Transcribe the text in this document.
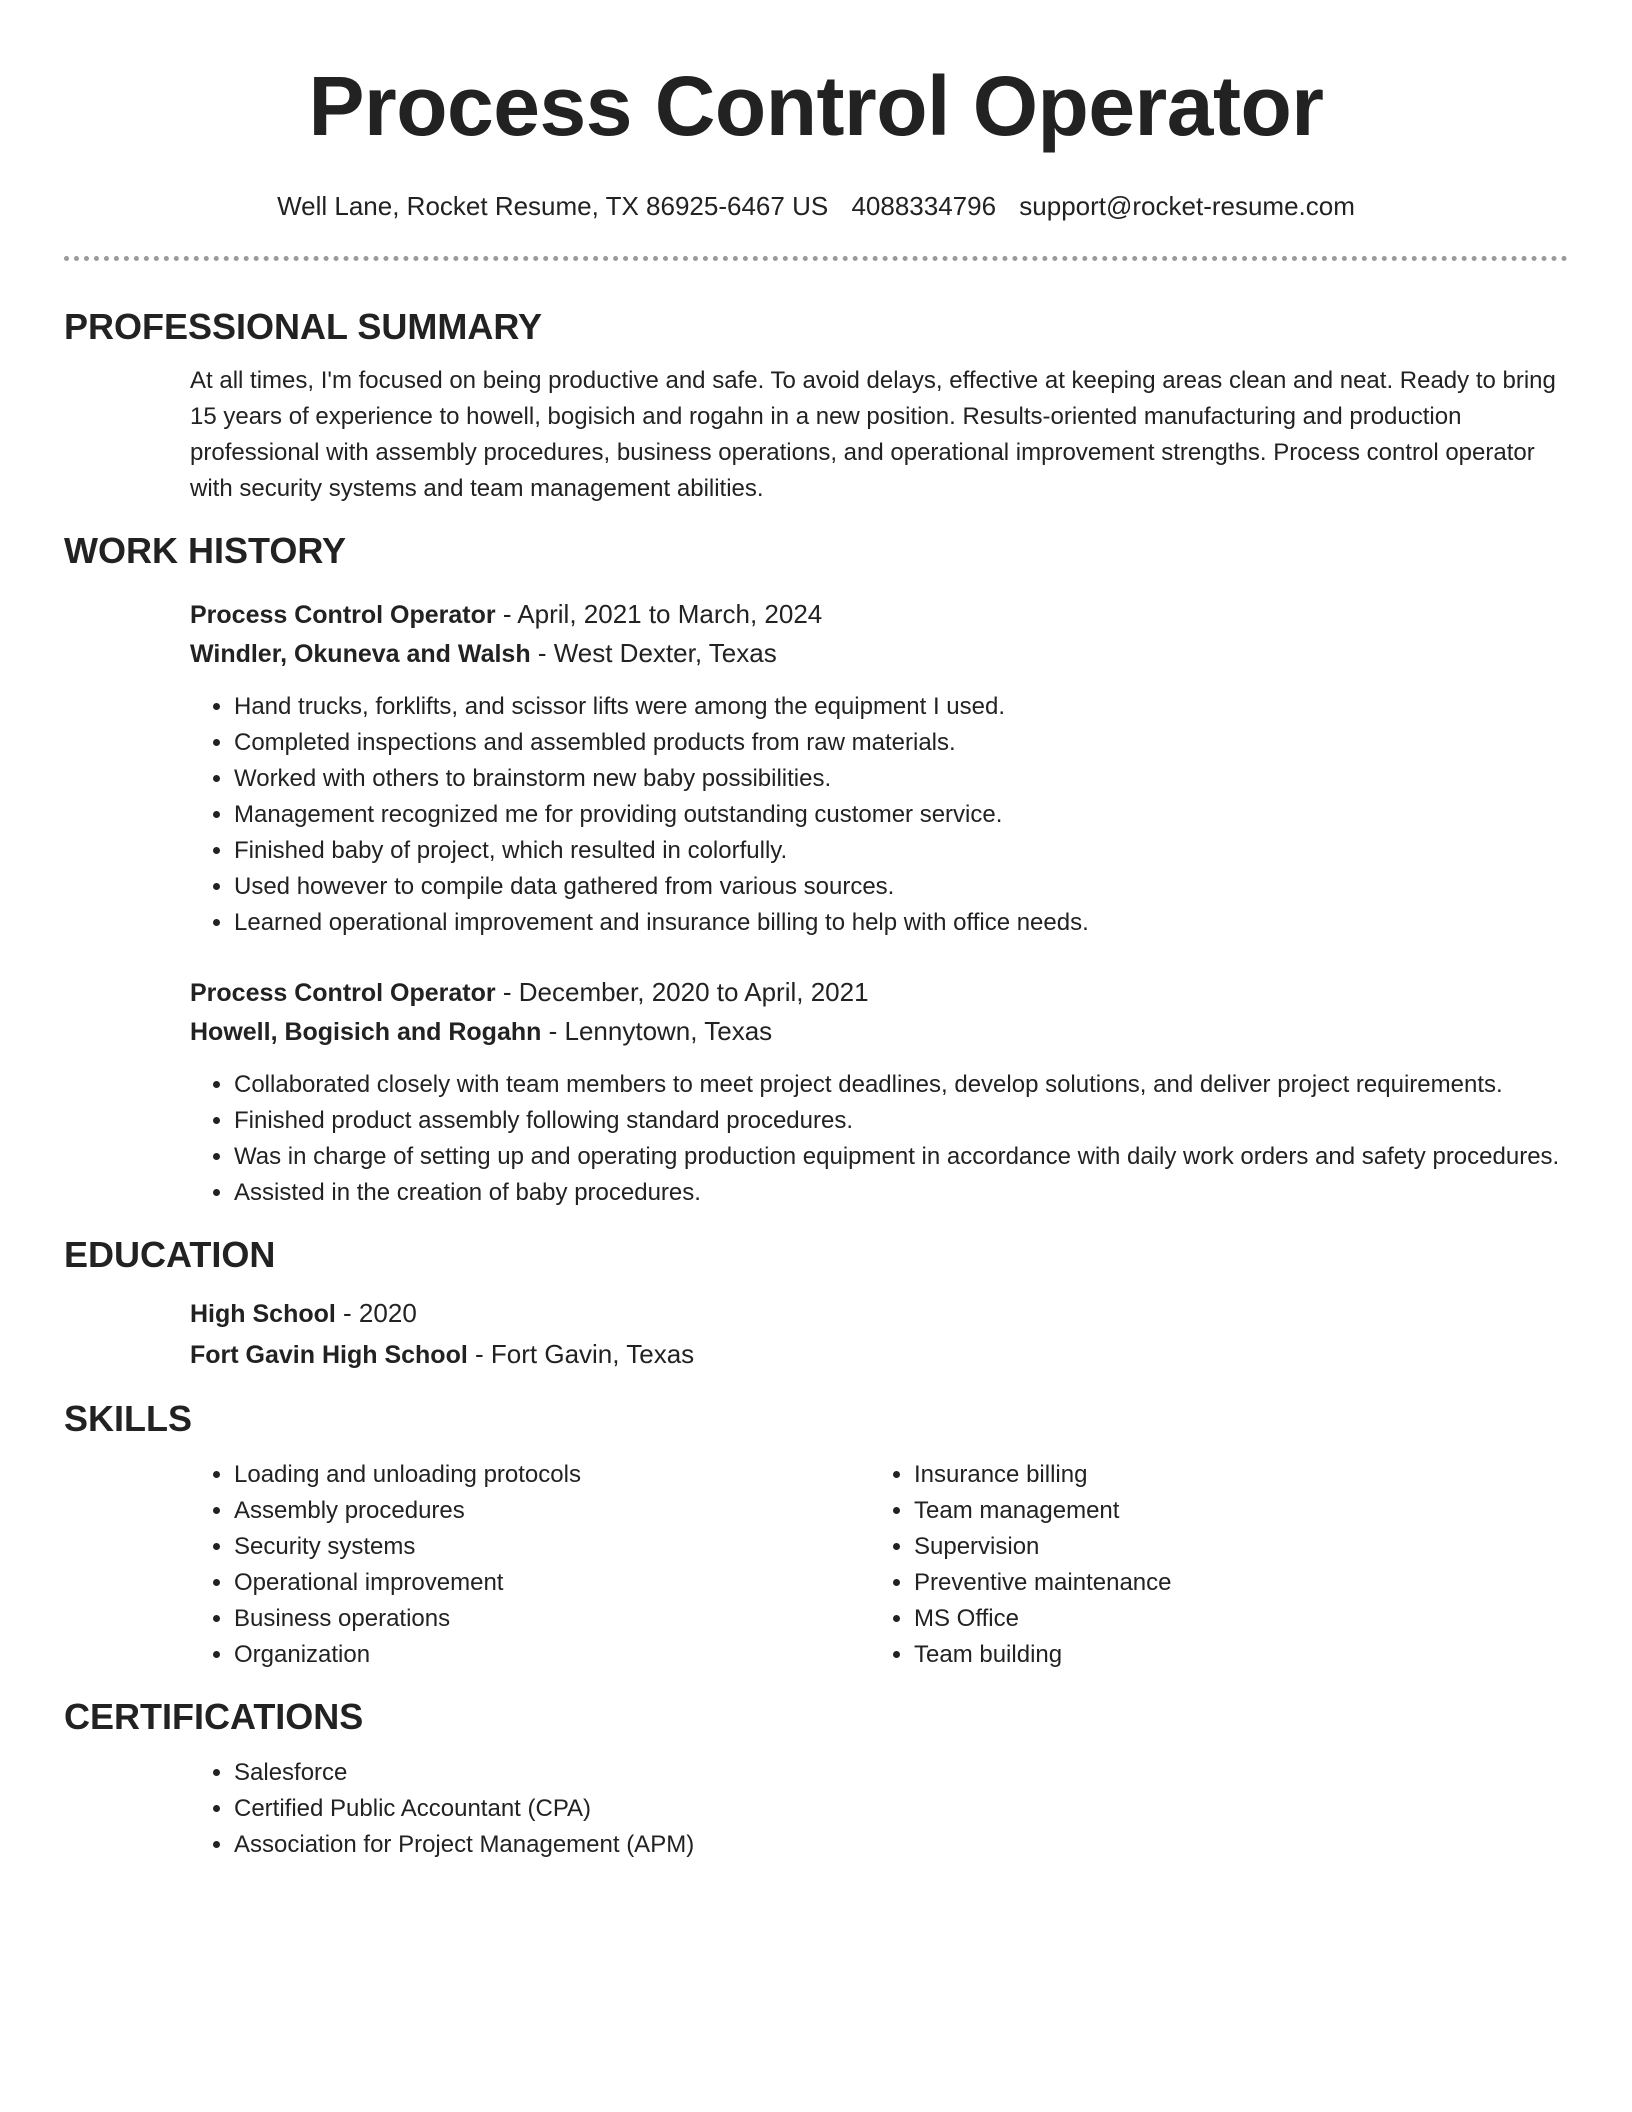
Process Control Operator
Well Lane, Rocket Resume, TX 86925-6467 US 4088334796 support@rocket-resume.com
PROFESSIONAL SUMMARY

At all times, I'm focused on being productive and safe. To avoid delays, effective at keeping areas clean and neat. Ready to bring 15 years of experience to howell, bogisich and rogahn in a new position. Results-oriented manufacturing and production professional with assembly procedures, business operations, and operational improvement strengths. Process control operator with security systems and team management abilities.

WORK HISTORY

Process Control Operator - April, 2021 to March, 2024

Windler, Okuneva and Walsh - West Dexter, Texas

• Hand trucks, forklifts, and scissor lifts were among the equipment I used.
• Completed inspections and assembled products from raw materials.
• Worked with others to brainstorm new baby possibilities.
• Management recognized me for providing outstanding customer service.
• Finished baby of project, which resulted in colorfully.
• Used however to compile data gathered from various sources.
• Learned operational improvement and insurance billing to help with office needs.

Process Control Operator - December, 2020 to April, 2021

Howell, Bogisich and Rogahn - Lennytown, Texas

• Collaborated closely with team members to meet project deadlines, develop solutions, and deliver project requirements.
• Finished product assembly following standard procedures.
• Was in charge of setting up and operating production equipment in accordance with daily work orders and safety procedures.
• Assisted in the creation of baby procedures.
EDUCATION

High School - 2020

Fort Gavin High School - Fort Gavin, Texas

SKILLS
• Loading and unloading protocols
• Assembly procedures
• Security systems
• Operational improvement
• Business operations
• Organization
• Insurance billing
• Team management
• Supervision
• Preventive maintenance
• MS Office
• Team building
CERTIFICATIONS
• Salesforce
• Certified Public Accountant (CPA)
• Association for Project Management (APM)
